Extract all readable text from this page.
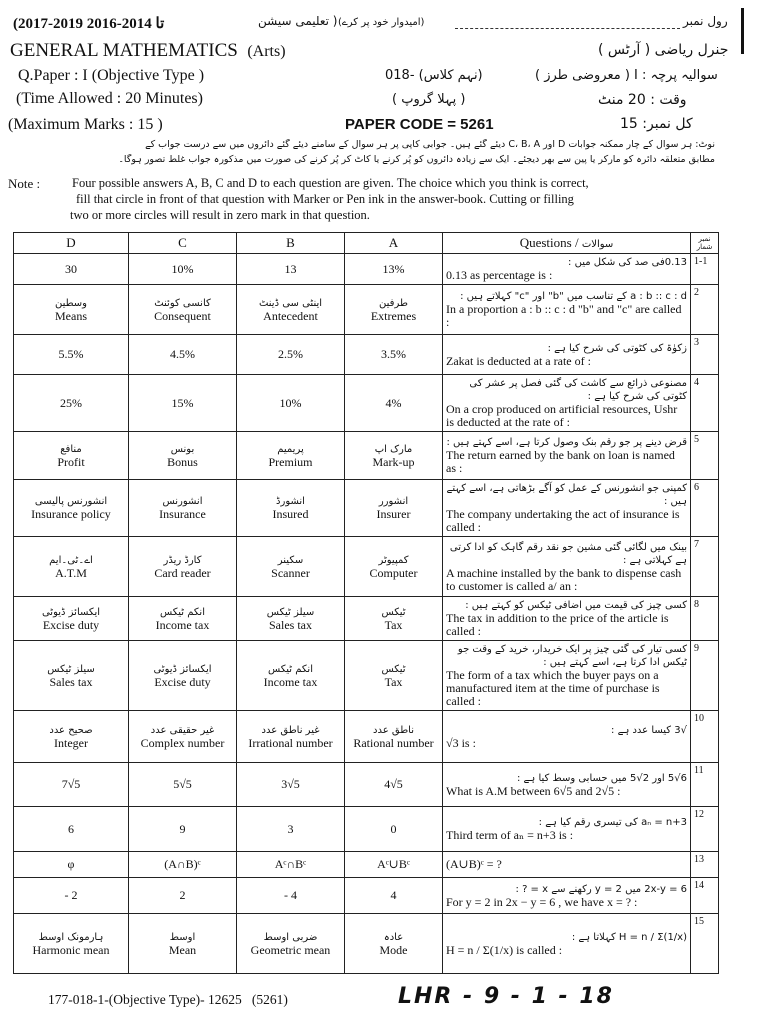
(2017-2019 تا 2014-2016	( تعلیمی سیشن (امیدوار خود پر کرے)	رول نمبر
GENERAL MATHEMATICS (Arts)	جنرل ریاضی ( آرٹس )
Q.Paper : I (Objective Type )	(نہم کلاس) -018	سوالیہ پرچہ : I ( معروضی طرز )
(Time Allowed : 20 Minutes)	( پہلا گروپ )	وقت : 20 منٹ
(Maximum Marks : 15 )	PAPER CODE = 5261	کل نمبر: 15
نوٹ: ہر سوال کے چار ممکنہ جوابات D اور C، B، A دیئے گئے ہیں۔ جوابی کاپی پر ہر سوال کے سامنے دیئے گئے دائروں میں سے درست جواب کے
مطابق متعلقہ دائرہ کو مارکر یا پین سے بھر دیجئے۔ ایک سے زیادہ دائروں کو پُر کرنے یا کاٹ کر پُر کرنے کی صورت میں مذکورہ جواب غلط تصور ہوگا۔
Note :	Four possible answers A, B, C and D to each question are given. The choice which you think is correct,
fill that circle in front of that question with Marker or Pen ink in the answer-book. Cutting or filling
two or more circles will result in zero mark in that question.
D	C	B	A	Questions / سوالات	نمبر شمار

30	10%	13	13%	0.13فی صد کی شکل میں :
0.13 as percentage is :	1-1

وسطین
Means	کانسی کوئنٹ
Consequent	اینٹی سی ڈینٹ
Antecedent	طرفین
Extremes	a : b :: c : d کے تناسب میں "b" اور "c" کہلاتے ہیں :
In a proportion a : b :: c : d "b" and "c" are called :	2

5.5%	4.5%	2.5%	3.5%	زکوٰۃ کی کٹوتی کی شرح کیا ہے :
Zakat is deducted at a rate of :	3

25%	15%	10%	4%	مصنوعی ذرائع سے کاشت کی گئی فصل پر عشر کی کٹوتی کی شرح کیا ہے :
On a crop produced on artificial resources, Ushr is deducted at the rate of :	4

منافع
Profit	بونس
Bonus	پریمیم
Premium	مارک اپ
Mark-up	قرض دینے پر جو رقم بنک وصول کرتا ہے، اسے کہتے ہیں :
The return earned by the bank on loan is named as :	5

انشورنس پالیسی
Insurance policy	انشورنس
Insurance	انشورڈ
Insured	انشورر
Insurer	کمپنی جو انشورنس کے عمل کو آگے بڑھاتی ہے، اسے کہتے ہیں :
The company undertaking the act of insurance is called :	6

اے۔ٹی۔ایم
A.T.M	کارڈ ریڈر
Card reader	سکینر
Scanner	کمپیوٹر
Computer	بینک میں لگائی گئی مشین جو نقد رقم گاہک کو ادا کرتی ہے کہلاتی ہے :
A machine installed by the bank to dispense cash to customer is called a/ an :	7

ایکسائز ڈیوٹی
Excise duty	انکم ٹیکس
Income tax	سیلز ٹیکس
Sales tax	ٹیکس
Tax	کسی چیز کی قیمت میں اضافی ٹیکس کو کہتے ہیں :
The tax in addition to the price of the article is called :	8

سیلز ٹیکس
Sales tax	ایکسائز ڈیوٹی
Excise duty	انکم ٹیکس
Income tax	ٹیکس
Tax	کسی تیار کی گئی چیز پر ایک خریدار، خرید کے وقت جو ٹیکس ادا کرتا ہے، اسے کہتے ہیں :
The form of a tax which the buyer pays on a manufactured item at the time of purchase is called :	9

صحیح عدد
Integer	غیر حقیقی عدد
Complex number	غیر ناطق عدد
Irrational number	ناطق عدد
Rational number	√3 کیسا عدد ہے :
√3 is :	10

7√5	5√5	3√5	4√5	6√5 اور 2√5 میں حسابی وسط کیا ہے :
What is A.M between 6√5 and 2√5 :	11

6	9	3	0	aₙ = n+3 کی تیسری رقم کیا ہے :
Third term of aₙ = n+3 is :	12

φ	(A∩B)ᶜ	Aᶜ∩Bᶜ	Aᶜ∪Bᶜ	(A∪B)ᶜ = ?	13

- 2	2	- 4	4	2x-y = 6 میں y = 2 رکھنے سے x = ? :
For y = 2 in 2x − y = 6 , we have x = ? :	14

ہارمونک اوسط
Harmonic mean	اوسط
Mean	ضربی اوسط
Geometric mean	عادہ
Mode	H = n / Σ(1/x) کہلاتا ہے :
H = n / Σ(1/x) is called :	15
177-018-1-(Objective Type)- 12625 (5261)	LHR - 9 - 1 - 18
